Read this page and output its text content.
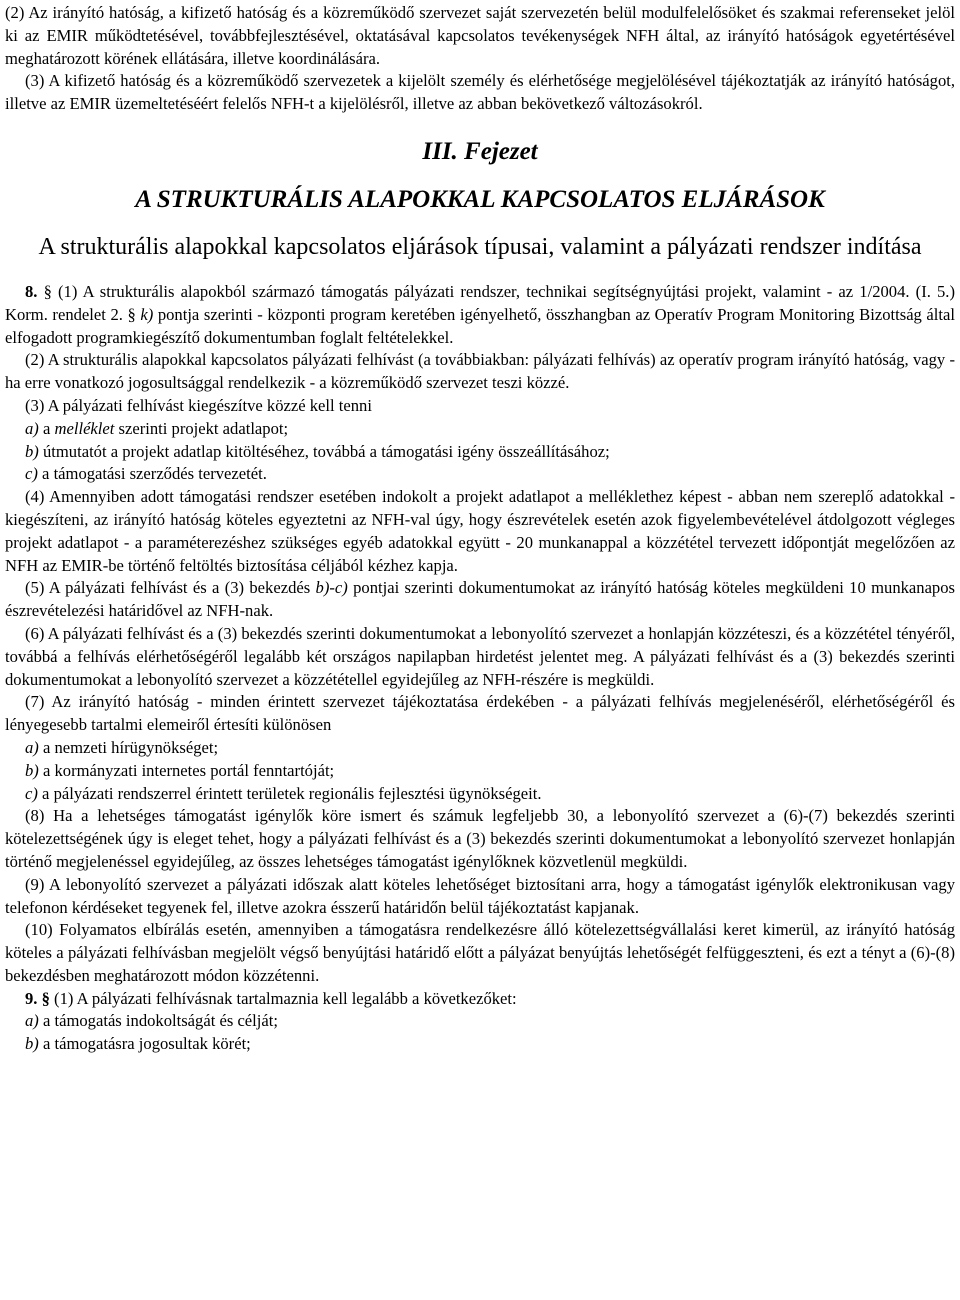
(2) Az irányító hatóság, a kifizető hatóság és a közreműködő szervezet saját szervezetén belül modulfelelősöket és szakmai referenseket jelöl ki az EMIR működtetésével, továbbfejlesztésével, oktatásával kapcsolatos tevékenységek NFH által, az irányító hatóságok egyetértésével meghatározott körének ellátására, illetve koordinálására.

(3) A kifizető hatóság és a közreműködő szervezetek a kijelölt személy és elérhetősége megjelölésével tájékoztatják az irányító hatóságot, illetve az EMIR üzemeltetéséért felelős NFH-t a kijelölésről, illetve az abban bekövetkező változásokról.

III. Fejezet
A STRUKTURÁLIS ALAPOKKAL KAPCSOLATOS ELJÁRÁSOK
A strukturális alapokkal kapcsolatos eljárások típusai, valamint a pályázati rendszer indítása

8. § (1) A strukturális alapokból származó támogatás pályázati rendszer, technikai segítségnyújtási projekt, valamint - az 1/2004. (I. 5.) Korm. rendelet 2. § k) pontja szerinti - központi program keretében igényelhető, összhangban az Operatív Program Monitoring Bizottság által elfogadott programkiegészítő dokumentumban foglalt feltételekkel.

(2) A strukturális alapokkal kapcsolatos pályázati felhívást (a továbbiakban: pályázati felhívás) az operatív program irányító hatóság, vagy - ha erre vonatkozó jogosultsággal rendelkezik - a közreműködő szervezet teszi közzé.

(3) A pályázati felhívást kiegészítve közzé kell tenni

a) a melléklet szerinti projekt adatlapot;

b) útmutatót a projekt adatlap kitöltéséhez, továbbá a támogatási igény összeállításához;

c) a támogatási szerződés tervezetét.

(4) Amennyiben adott támogatási rendszer esetében indokolt a projekt adatlapot a melléklethez képest - abban nem szereplő adatokkal - kiegészíteni, az irányító hatóság köteles egyeztetni az NFH-val úgy, hogy észrevételek esetén azok figyelembevételével átdolgozott végleges projekt adatlapot - a paraméterezéshez szükséges egyéb adatokkal együtt - 20 munkanappal a közzététel tervezett időpontját megelőzően az NFH az EMIR-be történő feltöltés biztosítása céljából kézhez kapja.

(5) A pályázati felhívást és a (3) bekezdés b)-c) pontjai szerinti dokumentumokat az irányító hatóság köteles megküldeni 10 munkanapos észrevételezési határidővel az NFH-nak.

(6) A pályázati felhívást és a (3) bekezdés szerinti dokumentumokat a lebonyolító szervezet a honlapján közzéteszi, és a közzététel tényéről, továbbá a felhívás elérhetőségéről legalább két országos napilapban hirdetést jelentet meg. A pályázati felhívást és a (3) bekezdés szerinti dokumentumokat a lebonyolító szervezet a közzététellel egyidejűleg az NFH-részére is megküldi.

(7) Az irányító hatóság - minden érintett szervezet tájékoztatása érdekében - a pályázati felhívás megjelenéséről, elérhetőségéről és lényegesebb tartalmi elemeiről értesíti különösen

a) a nemzeti hírügynökséget;

b) a kormányzati internetes portál fenntartóját;

c) a pályázati rendszerrel érintett területek regionális fejlesztési ügynökségeit.

(8) Ha a lehetséges támogatást igénylők köre ismert és számuk legfeljebb 30, a lebonyolító szervezet a (6)-(7) bekezdés szerinti kötelezettségének úgy is eleget tehet, hogy a pályázati felhívást és a (3) bekezdés szerinti dokumentumokat a lebonyolító szervezet honlapján történő megjelenéssel egyidejűleg, az összes lehetséges támogatást igénylőknek közvetlenül megküldi.

(9) A lebonyolító szervezet a pályázati időszak alatt köteles lehetőséget biztosítani arra, hogy a támogatást igénylők elektronikusan vagy telefonon kérdéseket tegyenek fel, illetve azokra ésszerű határidőn belül tájékoztatást kapjanak.

(10) Folyamatos elbírálás esetén, amennyiben a támogatásra rendelkezésre álló kötelezettségvállalási keret kimerül, az irányító hatóság köteles a pályázati felhívásban megjelölt végső benyújtási határidő előtt a pályázat benyújtás lehetőségét felfüggeszteni, és ezt a tényt a (6)-(8) bekezdésben meghatározott módon közzétenni.

9. § (1) A pályázati felhívásnak tartalmaznia kell legalább a következőket:

a) a támogatás indokoltságát és célját;

b) a támogatásra jogosultak körét;
